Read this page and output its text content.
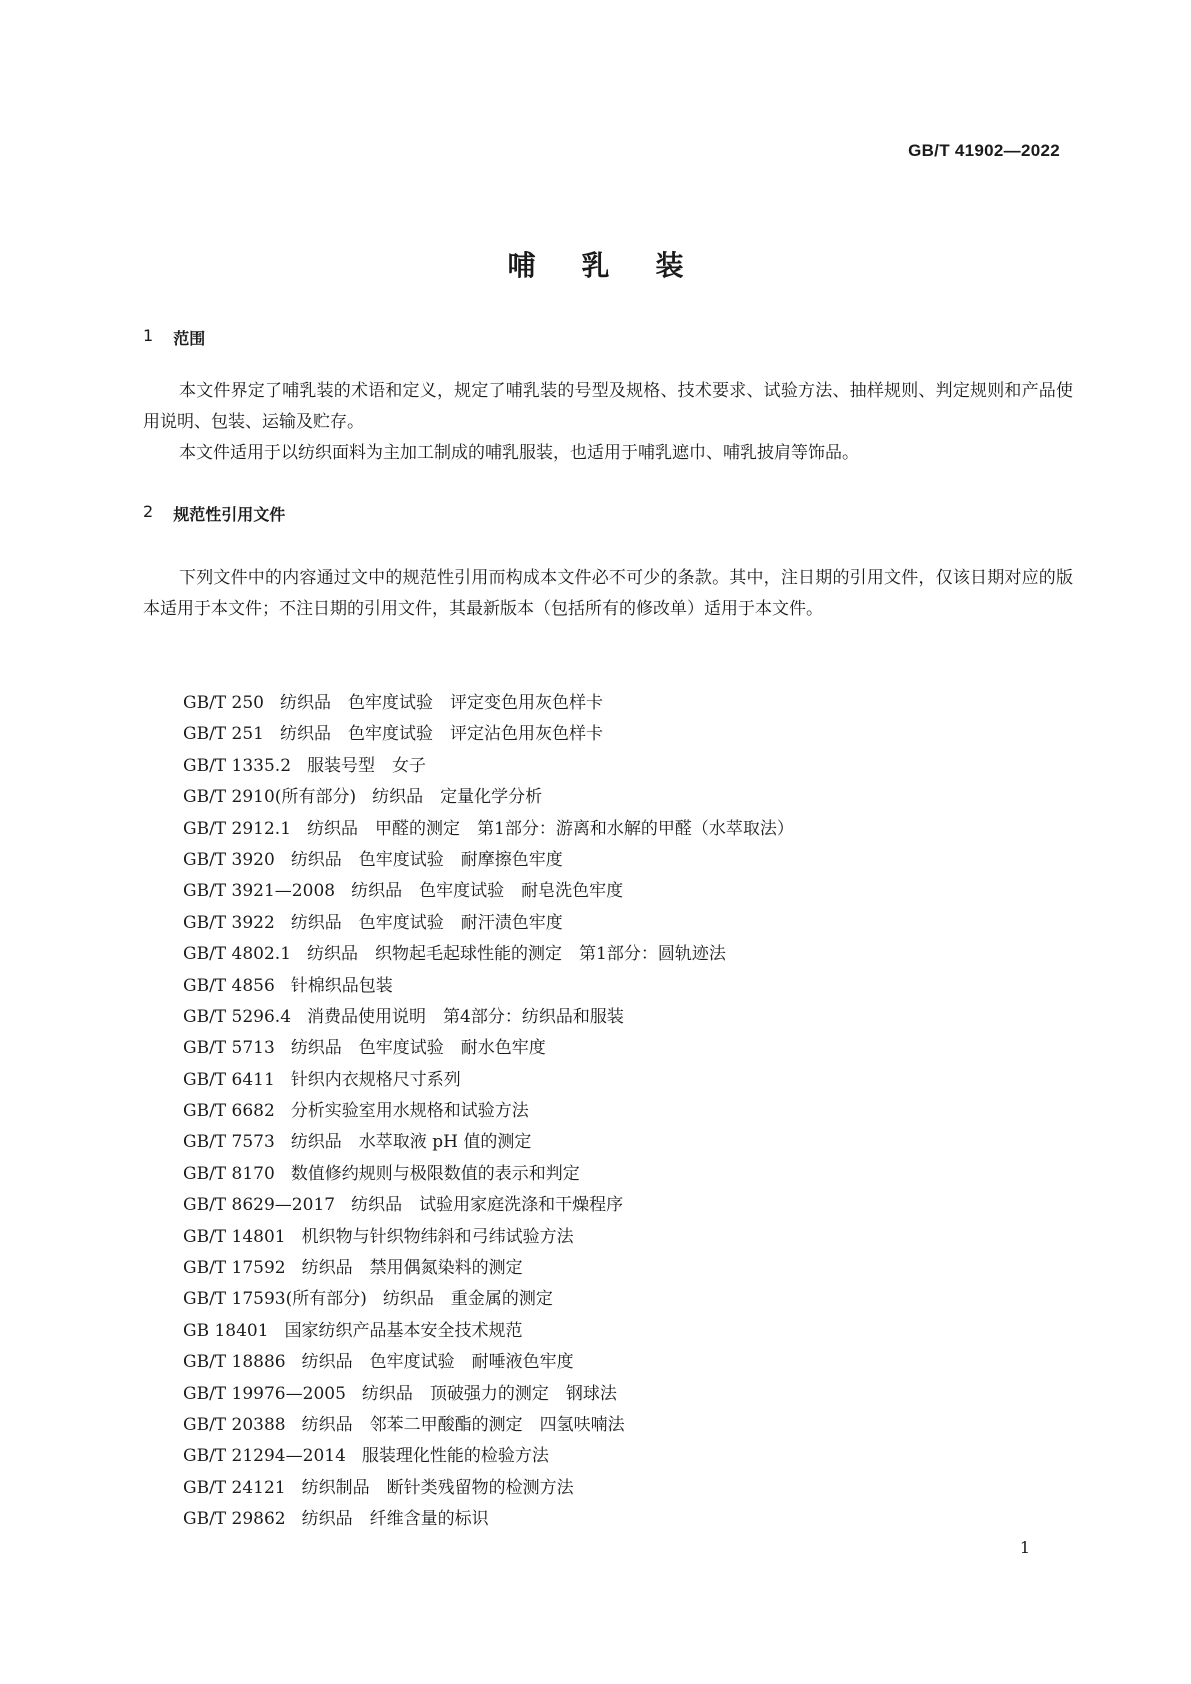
GB/T 41902—2022
哺乳装
1 范围

本文件界定了哺乳装的术语和定义，规定了哺乳装的号型及规格、技术要求、试验方法、抽样规则、判定规则和产品使用说明、包装、运输及贮存。

本文件适用于以纺织面料为主加工制成的哺乳服装，也适用于哺乳遮巾、哺乳披肩等饰品。

2 规范性引用文件

下列文件中的内容通过文中的规范性引用而构成本文件必不可少的条款。其中，注日期的引用文件，仅该日期对应的版本适用于本文件；不注日期的引用文件，其最新版本（包括所有的修改单）适用于本文件。

GB/T 250 纺织品　色牢度试验　评定变色用灰色样卡
GB/T 251 纺织品　色牢度试验　评定沾色用灰色样卡
GB/T 1335.2 服装号型　女子
GB/T 2910(所有部分) 纺织品　定量化学分析
GB/T 2912.1 纺织品　甲醛的测定　第1部分：游离和水解的甲醛（水萃取法）
GB/T 3920 纺织品　色牢度试验　耐摩擦色牢度
GB/T 3921—2008 纺织品　色牢度试验　耐皂洗色牢度
GB/T 3922 纺织品　色牢度试验　耐汗渍色牢度
GB/T 4802.1 纺织品　织物起毛起球性能的测定　第1部分：圆轨迹法
GB/T 4856 针棉织品包装
GB/T 5296.4 消费品使用说明　第4部分：纺织品和服装
GB/T 5713 纺织品　色牢度试验　耐水色牢度
GB/T 6411 针织内衣规格尺寸系列
GB/T 6682 分析实验室用水规格和试验方法
GB/T 7573 纺织品　水萃取液 pH 值的测定
GB/T 8170 数值修约规则与极限数值的表示和判定
GB/T 8629—2017 纺织品　试验用家庭洗涤和干燥程序
GB/T 14801 机织物与针织物纬斜和弓纬试验方法
GB/T 17592 纺织品　禁用偶氮染料的测定
GB/T 17593(所有部分) 纺织品　重金属的测定
GB 18401 国家纺织产品基本安全技术规范
GB/T 18886 纺织品　色牢度试验　耐唾液色牢度
GB/T 19976—2005 纺织品　顶破强力的测定　钢球法
GB/T 20388 纺织品　邻苯二甲酸酯的测定　四氢呋喃法
GB/T 21294—2014 服装理化性能的检验方法
GB/T 24121 纺织制品　断针类残留物的检测方法
GB/T 29862 纺织品　纤维含量的标识
1
